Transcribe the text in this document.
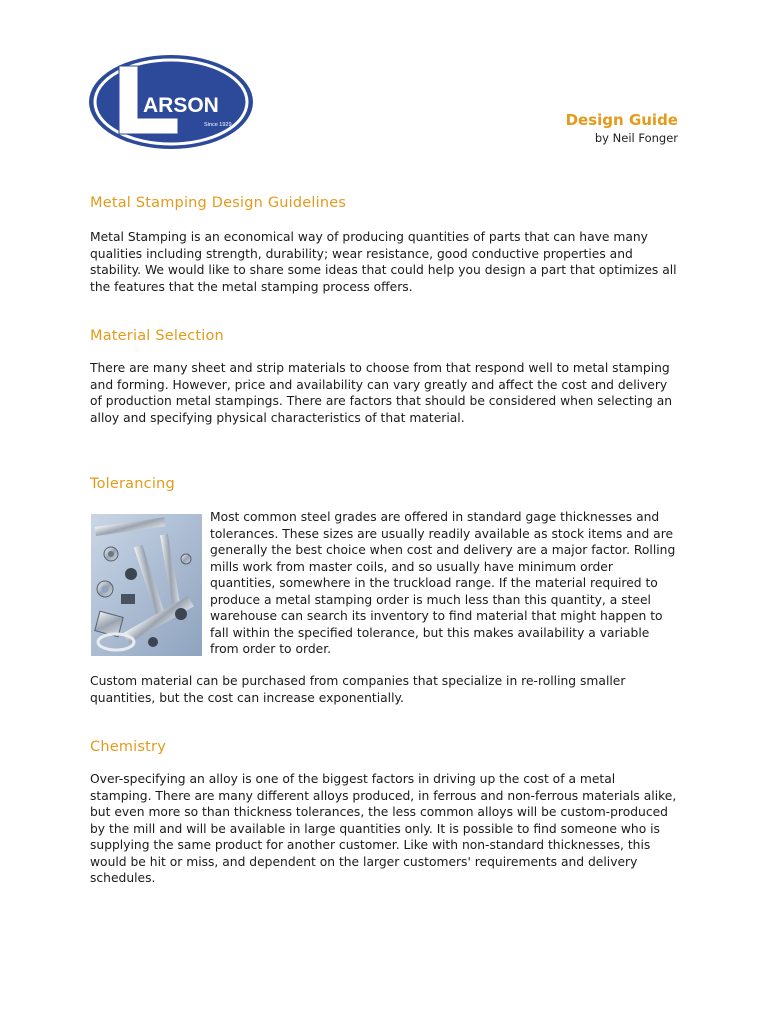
ARSON
Since 1929	Design Guide
by Neil Fonger
Metal Stamping Design Guidelines

Metal Stamping is an economical way of producing quantities of parts that can have many qualities including strength, durability; wear resistance, good conductive properties and stability. We would like to share some ideas that could help you design a part that optimizes all the features that the metal stamping process offers.

Material Selection

There are many sheet and strip materials to choose from that respond well to metal stamping and forming. However, price and availability can vary greatly and affect the cost and delivery of production metal stampings. There are factors that should be considered when selecting an alloy and specifying physical characteristics of that material.

Tolerancing

Most common steel grades are offered in standard gage thicknesses and tolerances. These sizes are usually readily available as stock items and are generally the best choice when cost and delivery are a major factor. Rolling mills work from master coils, and so usually have minimum order quantities, somewhere in the truckload range. If the material required to produce a metal stamping order is much less than this quantity, a steel warehouse can search its inventory to find material that might happen to fall within the specified tolerance, but this makes availability a variable from order to order.

Custom material can be purchased from companies that specialize in re-rolling smaller quantities, but the cost can increase exponentially.

Chemistry

Over-specifying an alloy is one of the biggest factors in driving up the cost of a metal stamping. There are many different alloys produced, in ferrous and non-ferrous materials alike, but even more so than thickness tolerances, the less common alloys will be custom-produced by the mill and will be available in large quantities only. It is possible to find someone who is supplying the same product for another customer. Like with non-standard thicknesses, this would be hit or miss, and dependent on the larger customers' requirements and delivery schedules.
